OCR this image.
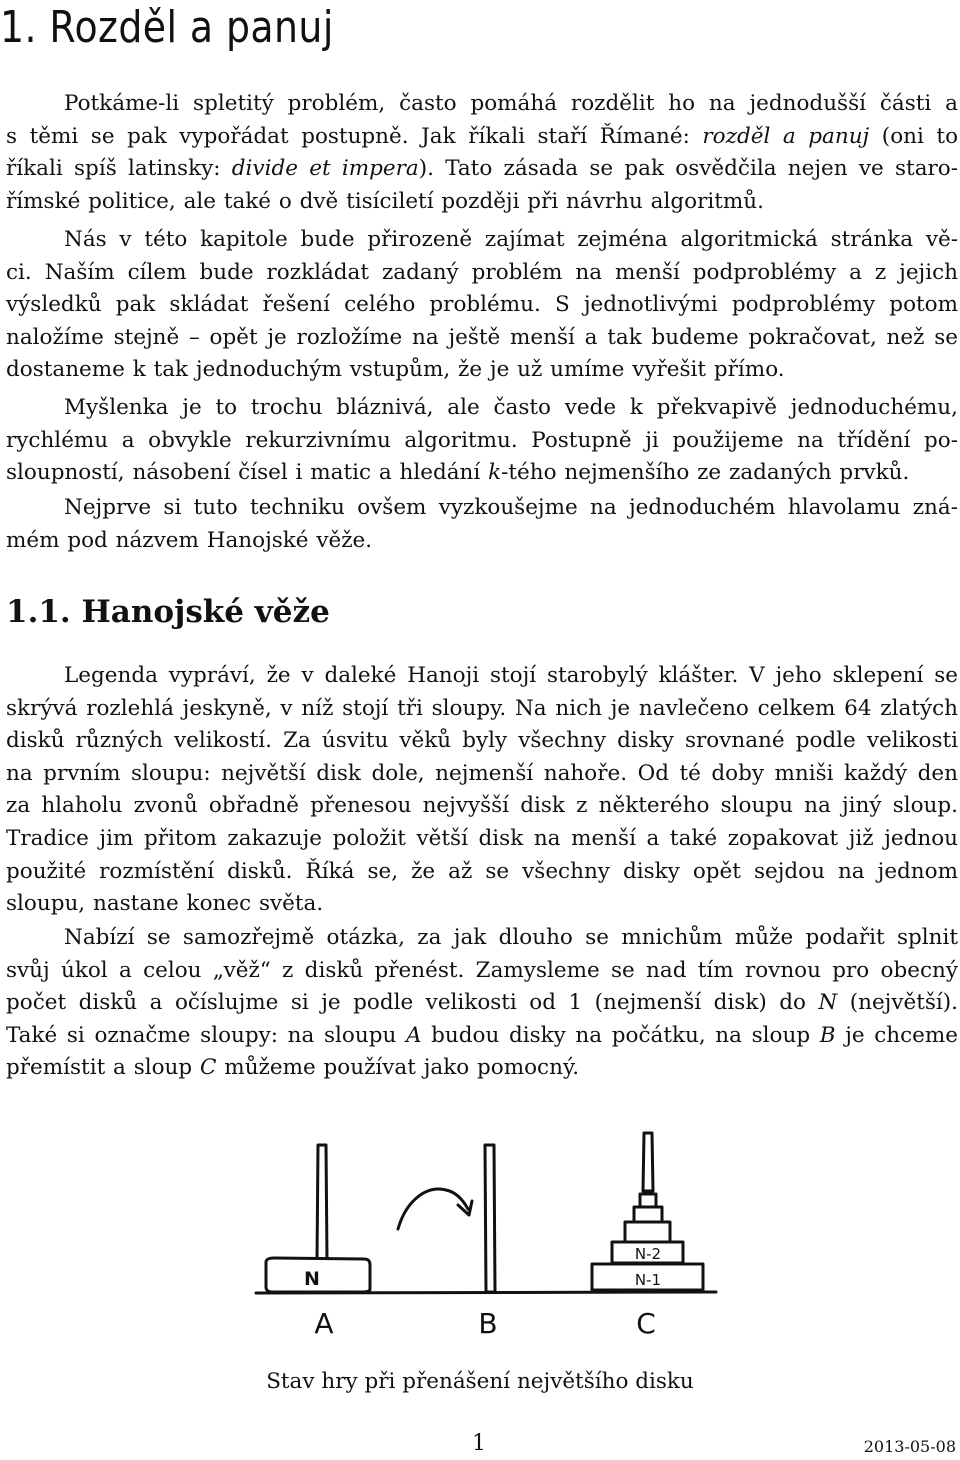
1. Rozděl a panuj

Potkáme-li spletitý problém, často pomáhá rozdělit ho na jednodušší části a
s těmi se pak vypořádat postupně. Jak říkali staří Římané: rozděl a panuj (oni to
říkali spíš latinsky: divide et impera). Tato zásada se pak osvědčila nejen ve staro-
římské politice, ale také o dvě tisíciletí později při návrhu algoritmů.

Nás v této kapitole bude přirozeně zajímat zejména algoritmická stránka vě-
ci. Naším cílem bude rozkládat zadaný problém na menší podproblémy a z jejich
výsledků pak skládat řešení celého problému. S jednotlivými podproblémy potom
naložíme stejně – opět je rozložíme na ještě menší a tak budeme pokračovat, než se
dostaneme k tak jednoduchým vstupům, že je už umíme vyřešit přímo.

Myšlenka je to trochu bláznivá, ale často vede k překvapivě jednoduchému,
rychlému a obvykle rekurzivnímu algoritmu. Postupně ji použijeme na třídění po-
sloupností, násobení čísel i matic a hledání k-tého nejmenšího ze zadaných prvků.

Nejprve si tuto techniku ovšem vyzkoušejme na jednoduchém hlavolamu zná-
mém pod názvem Hanojské věže.

1.1. Hanojské věže

Legenda vypráví, že v daleké Hanoji stojí starobylý klášter. V jeho sklepení se
skrývá rozlehlá jeskyně, v níž stojí tři sloupy. Na nich je navlečeno celkem 64 zlatých
disků různých velikostí. Za úsvitu věků byly všechny disky srovnané podle velikosti
na prvním sloupu: největší disk dole, nejmenší nahoře. Od té doby mniši každý den
za hlaholu zvonů obřadně přenesou nejvyšší disk z některého sloupu na jiný sloup.
Tradice jim přitom zakazuje položit větší disk na menší a také zopakovat již jednou
použité rozmístění disků. Říká se, že až se všechny disky opět sejdou na jednom
sloupu, nastane konec světa.

Nabízí se samozřejmě otázka, za jak dlouho se mnichům může podařit splnit
svůj úkol a celou „věž“ z disků přenést. Zamysleme se nad tím rovnou pro obecný
počet disků a očíslujme si je podle velikosti od 1 (nejmenší disk) do N (největší).
Také si označme sloupy: na sloupu A budou disky na počátku, na sloup B je chceme
přemístit a sloup C můžeme používat jako pomocný.

N
N-2
N-1
A	B	C
Stav hry při přenášení největšího disku
1	2013-05-08
